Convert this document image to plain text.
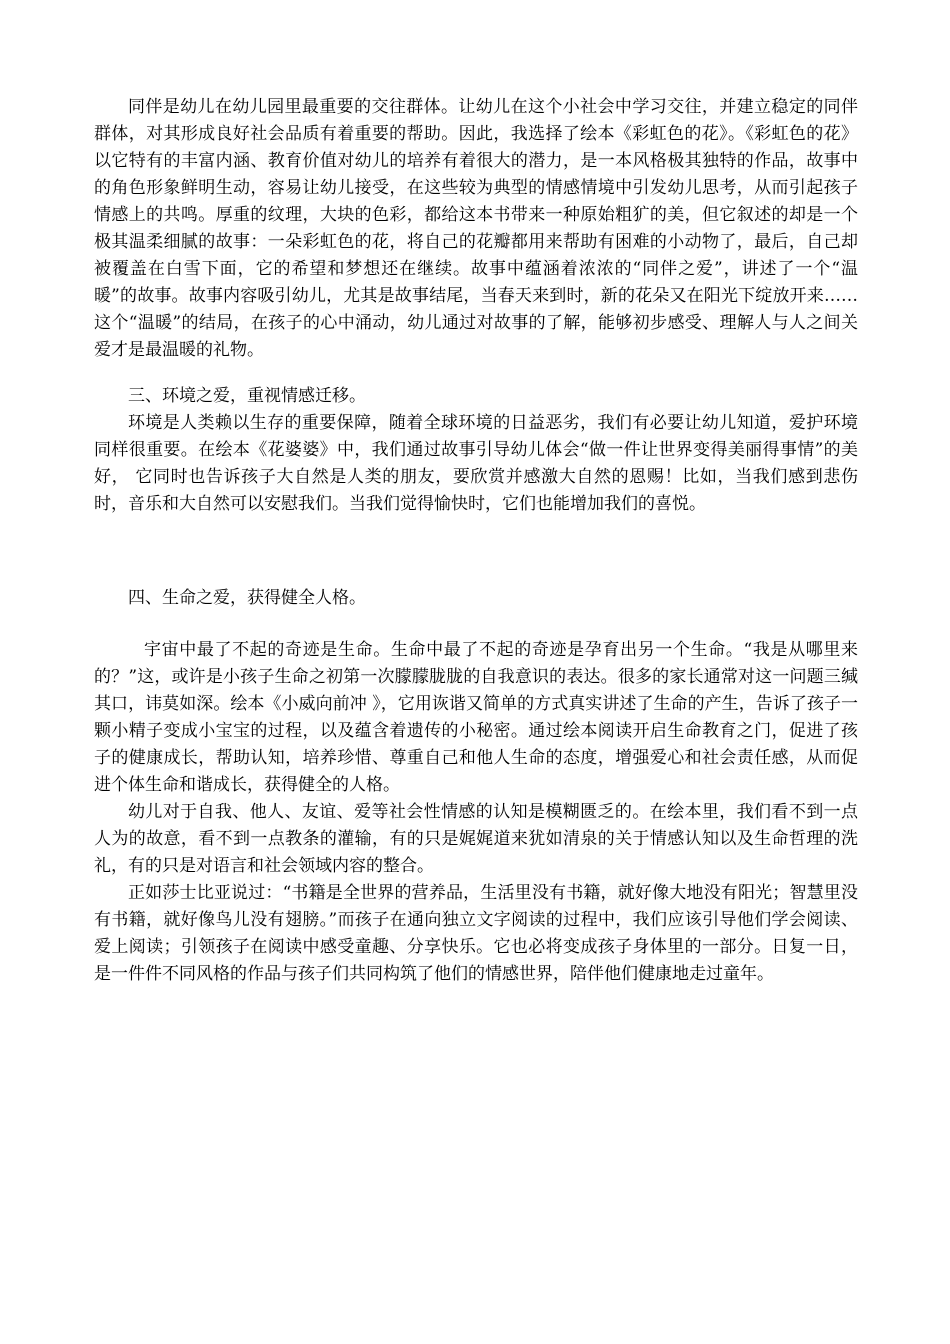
同伴是幼儿在幼儿园里最重要的交往群体。让幼儿在这个小社会中学习交往，并建立稳定的同伴群体，对其形成良好社会品质有着重要的帮助。因此，我选择了绘本《彩虹色的花》。《彩虹色的花》以它特有的丰富内涵、教育价值对幼儿的培养有着很大的潜力，是一本风格极其独特的作品，故事中的角色形象鲜明生动，容易让幼儿接受，在这些较为典型的情感情境中引发幼儿思考，从而引起孩子情感上的共鸣。厚重的纹理，大块的色彩，都给这本书带来一种原始粗犷的美，但它叙述的却是一个极其温柔细腻的故事：一朵彩虹色的花，将自己的花瓣都用来帮助有困难的小动物了，最后，自己却被覆盖在白雪下面，它的希望和梦想还在继续。故事中蕴涵着浓浓的“同伴之爱”，讲述了一个“温暖”的故事。故事内容吸引幼儿，尤其是故事结尾，当春天来到时，新的花朵又在阳光下绽放开来……这个“温暖”的结局，在孩子的心中涌动，幼儿通过对故事的了解，能够初步感受、理解人与人之间关爱才是最温暖的礼物。

三、环境之爱，重视情感迁移。

环境是人类赖以生存的重要保障，随着全球环境的日益恶劣，我们有必要让幼儿知道，爱护环境同样很重要。在绘本《花婆婆》中，我们通过故事引导幼儿体会“做一件让世界变得美丽得事情”的美好， 它同时也告诉孩子大自然是人类的朋友，要欣赏并感激大自然的恩赐！比如，当我们感到悲伤时，音乐和大自然可以安慰我们。当我们觉得愉快时，它们也能增加我们的喜悦。

四、生命之爱，获得健全人格。

宇宙中最了不起的奇迹是生命。生命中最了不起的奇迹是孕育出另一个生命。“我是从哪里来的？”这，或许是小孩子生命之初第一次朦朦胧胧的自我意识的表达。很多的家长通常对这一问题三缄其口，讳莫如深。绘本《小威向前冲 》，它用诙谐又简单的方式真实讲述了生命的产生，告诉了孩子一颗小精子变成小宝宝的过程，以及蕴含着遗传的小秘密。通过绘本阅读开启生命教育之门，促进了孩子的健康成长，帮助认知，培养珍惜、尊重自己和他人生命的态度，增强爱心和社会责任感，从而促进个体生命和谐成长，获得健全的人格。

幼儿对于自我、他人、友谊、爱等社会性情感的认知是模糊匮乏的。在绘本里，我们看不到一点人为的故意，看不到一点教条的灌输，有的只是娓娓道来犹如清泉的关于情感认知以及生命哲理的洗礼，有的只是对语言和社会领域内容的整合。

正如莎士比亚说过：“书籍是全世界的营养品，生活里没有书籍，就好像大地没有阳光；智慧里没有书籍，就好像鸟儿没有翅膀。”而孩子在通向独立文字阅读的过程中，我们应该引导他们学会阅读、爱上阅读；引领孩子在阅读中感受童趣、分享快乐。它也必将变成孩子身体里的一部分。日复一日，是一件件不同风格的作品与孩子们共同构筑了他们的情感世界，陪伴他们健康地走过童年。
